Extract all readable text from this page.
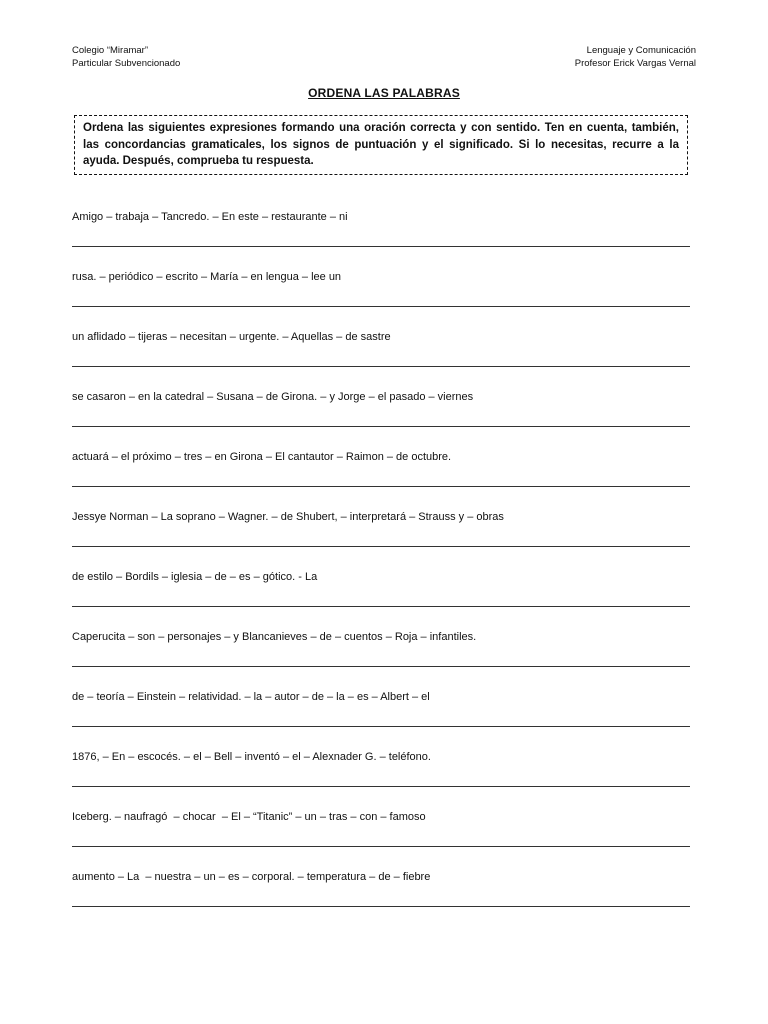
Colegio “Miramar”
Particular Subvencionado
Lenguaje y Comunicación
Profesor Erick Vargas Vernal
ORDENA LAS PALABRAS
Ordena las siguientes expresiones formando una oración correcta y con sentido. Ten en cuenta, también, las concordancias gramaticales, los signos de puntuación y el significado. Si lo necesitas, recurre a la ayuda. Después, comprueba tu respuesta.
Amigo – trabaja – Tancredo. – En este – restaurante – ni
rusa. – periódico – escrito – María – en lengua – lee un
un aflidado – tijeras – necesitan – urgente. – Aquellas – de sastre
se casaron – en la catedral – Susana – de Girona. – y Jorge – el pasado – viernes
actuará – el próximo – tres – en Girona – El cantautor – Raimon – de octubre.
Jessye Norman – La soprano – Wagner. – de Shubert, – interpretará – Strauss y – obras
de estilo – Bordils – iglesia – de – es – gótico. - La
Caperucita – son – personajes – y Blancanieves – de – cuentos – Roja – infantiles.
de – teoría – Einstein – relatividad. – la – autor – de – la – es – Albert – el
1876, – En – escocés. – el – Bell – inventó – el – Alexnader G. – teléfono.
Iceberg. – naufragó  – chocar  – El – “Titanic” – un – tras – con – famoso
aumento – La  – nuestra – un – es – corporal. – temperatura – de – fiebre
